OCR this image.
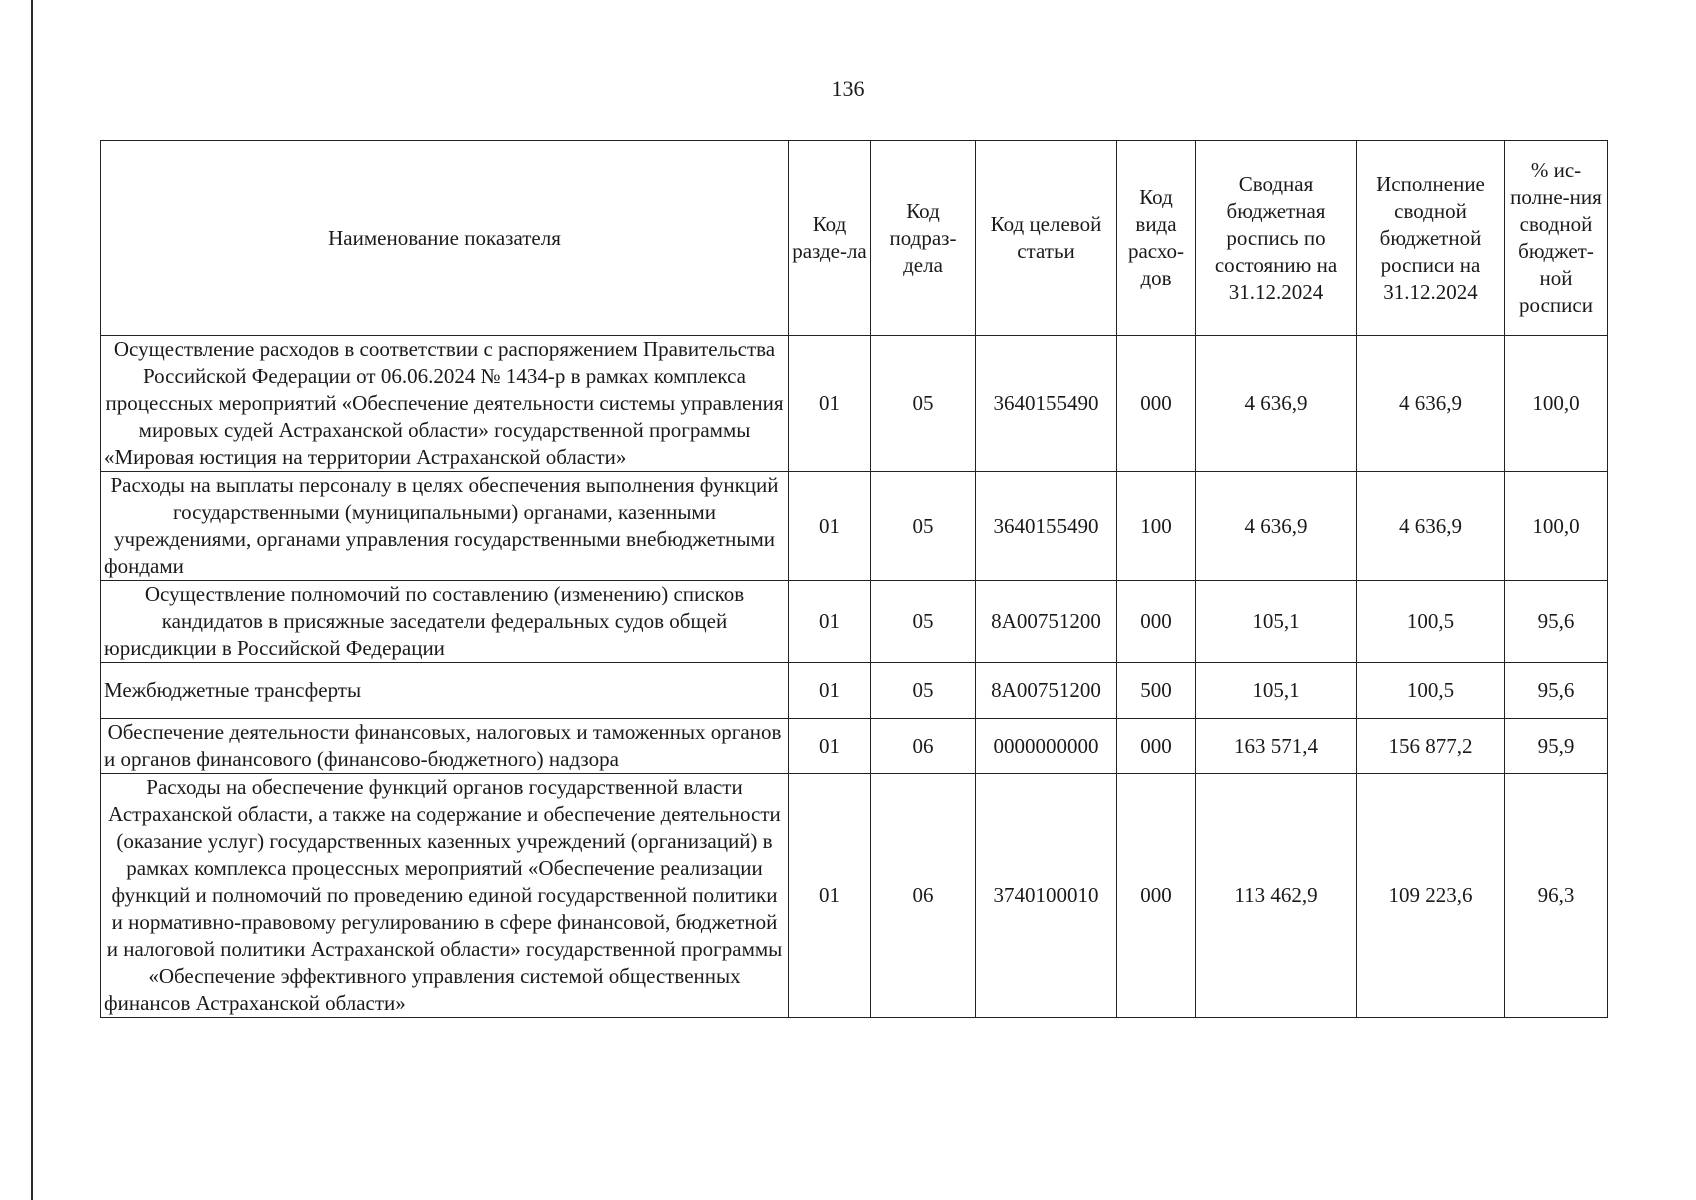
136
Наименование показателя	Код разде-ла	Код подраз-дела	Код целевой статьи	Код вида расхо-дов	Сводная бюджетная роспись по состоянию на 31.12.2024	Исполнение сводной бюджетной росписи на 31.12.2024	% ис-полне-ния сводной бюджет-ной росписи
Осуществление расходов в соответствии с распоряжением Правительства Российской Федерации от 06.06.2024 № 1434-р в рамках комплекса процессных мероприятий «Обеспечение деятельности системы управления мировых судей Астраханской области» государственной программы «Мировая юстиция на территории Астраханской области»	01	05	3640155490	000	4 636,9	4 636,9	100,0
Расходы на выплаты персоналу в целях обеспечения выполнения функций государственными (муниципальными) органами, казенными учреждениями, органами управления государственными внебюджетными фондами	01	05	3640155490	100	4 636,9	4 636,9	100,0
Осуществление полномочий по составлению (изменению) списков кандидатов в присяжные заседатели федеральных судов общей юрисдикции в Российской Федерации	01	05	8А00751200	000	105,1	100,5	95,6
Межбюджетные трансферты	01	05	8А00751200	500	105,1	100,5	95,6
Обеспечение деятельности финансовых, налоговых и таможенных органов и органов финансового (финансово-бюджетного) надзора	01	06	0000000000	000	163 571,4	156 877,2	95,9
Расходы на обеспечение функций органов государственной власти Астраханской области, а также на содержание и обеспечение деятельности (оказание услуг) государственных казенных учреждений (организаций) в рамках комплекса процессных мероприятий «Обеспечение реализации функций и полномочий по проведению единой государственной политики и нормативно-правовому регулированию в сфере финансовой, бюджетной и налоговой политики Астраханской области» государственной программы «Обеспечение эффективного управления системой общественных финансов Астраханской области»	01	06	3740100010	000	113 462,9	109 223,6	96,3
